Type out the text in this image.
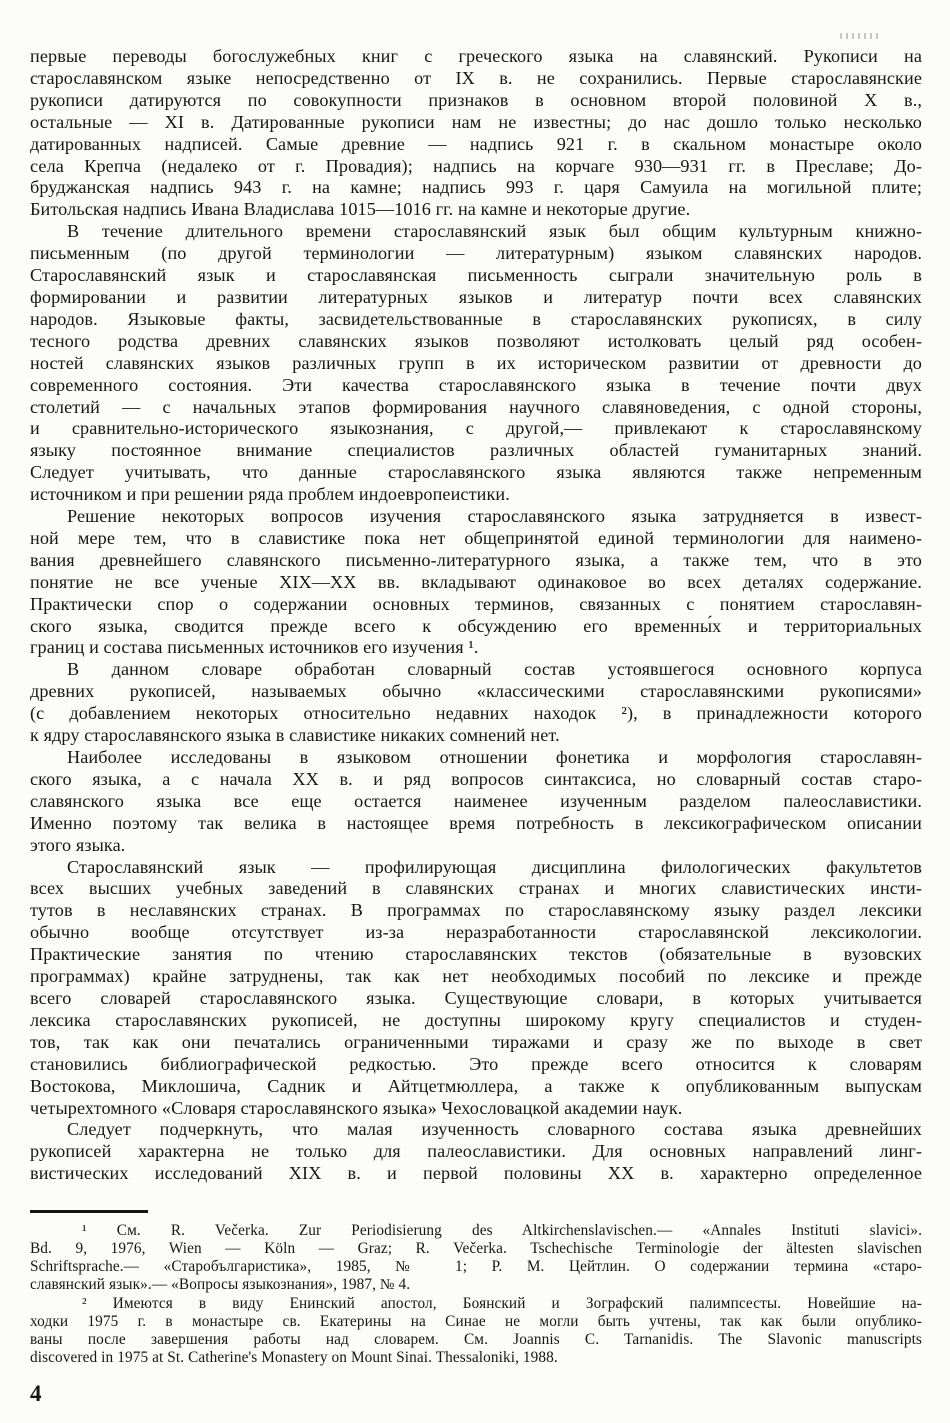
первые переводы богослужебных книг с греческого языка на славянский. Рукописи на
старославянском языке непосредственно от IX в. не сохранились. Первые старославянские
рукописи датируются по совокупности признаков в основном второй половиной X в.,
остальные — XI в. Датированные рукописи нам не известны; до нас дошло только несколько
датированных надписей. Самые древние — надпись 921 г. в скальном монастыре около
села Крепча (недалеко от г. Провадия); надпись на корчаге 930—931 гг. в Преславе; До-
бруджанская надпись 943 г. на камне; надпись 993 г. царя Самуила на могильной плите;
Битольская надпись Ивана Владислава 1015—1016 гг. на камне и некоторые другие.
В течение длительного времени старославянский язык был общим культурным книжно-
письменным (по другой терминологии — литературным) языком славянских народов.
Старославянский язык и старославянская письменность сыграли значительную роль в
формировании и развитии литературных языков и литератур почти всех славянских
народов. Языковые факты, засвидетельствованные в старославянских рукописях, в силу
тесного родства древних славянских языков позволяют истолковать целый ряд особен-
ностей славянских языков различных групп в их историческом развитии от древности до
современного состояния. Эти качества старославянского языка в течение почти двух
столетий — с начальных этапов формирования научного славяноведения, с одной стороны,
и сравнительно-исторического языкознания, с другой,— привлекают к старославянскому
языку постоянное внимание специалистов различных областей гуманитарных знаний.
Следует учитывать, что данные старославянского языка являются также непременным
источником и при решении ряда проблем индоевропеистики.
Решение некоторых вопросов изучения старославянского языка затрудняется в извест-
ной мере тем, что в славистике пока нет общепринятой единой терминологии для наимено-
вания древнейшего славянского письменно-литературного языка, а также тем, что в это
понятие не все ученые XIX—XX вв. вкладывают одинаковое во всех деталях содержание.
Практически спор о содержании основных терминов, связанных с понятием старославян-
ского языка, сводится прежде всего к обсуждению его временны́х и территориальных
границ и состава письменных источников его изучения ¹.
В данном словаре обработан словарный состав устоявшегося основного корпуса
древних рукописей, называемых обычно «классическими старославянскими рукописями»
(с добавлением некоторых относительно недавних находок ²), в принадлежности которого
к ядру старославянского языка в славистике никаких сомнений нет.
Наиболее исследованы в языковом отношении фонетика и морфология старославян-
ского языка, а с начала XX в. и ряд вопросов синтаксиса, но словарный состав старо-
славянского языка все еще остается наименее изученным разделом палеославистики.
Именно поэтому так велика в настоящее время потребность в лексикографическом описании
этого языка.
Старославянский язык — профилирующая дисциплина филологических факультетов
всех высших учебных заведений в славянских странах и многих славистических инсти-
тутов в неславянских странах. В программах по старославянскому языку раздел лексики
обычно вообще отсутствует из-за неразработанности старославянской лексикологии.
Практические занятия по чтению старославянских текстов (обязательные в вузовских
программах) крайне затруднены, так как нет необходимых пособий по лексике и прежде
всего словарей старославянского языка. Существующие словари, в которых учитывается
лексика старославянских рукописей, не доступны широкому кругу специалистов и студен-
тов, так как они печатались ограниченными тиражами и сразу же по выходе в свет
становились библиографической редкостью. Это прежде всего относится к словарям
Востокова, Миклошича, Садник и Айтцетмюллера, а также к опубликованным выпускам
четырехтомного «Словаря старославянского языка» Чехословацкой академии наук.
Следует подчеркнуть, что малая изученность словарного состава языка древнейших
рукописей характерна не только для палеославистики. Для основных направлений линг-
вистических исследований XIX в. и первой половины XX в. характерно определенное
¹ См. R. Večerka. Zur Periodisierung des Altkirchenslavischen.— «Annales Instituti slavici».
Bd. 9, 1976, Wien — Köln — Graz; R. Večerka. Tschechische Terminologie der ältesten slavischen
Schriftsprache.— «Старобългаристика», 1985, № 1; Р. М. Цейтлин. О содержании термина «старо-
славянский язык».— «Вопросы языкознания», 1987, № 4.
² Имеются в виду Енинский апостол, Боянский и Зографский палимпсесты. Новейшие на-
ходки 1975 г. в монастыре св. Екатерины на Синае не могли быть учтены, так как были опублико-
ваны после завершения работы над словарем. См. Joannis C. Tarnanidis. The Slavonic manuscripts
discovered in 1975 at St. Catherine's Monastery on Mount Sinai. Thessaloniki, 1988.
4
